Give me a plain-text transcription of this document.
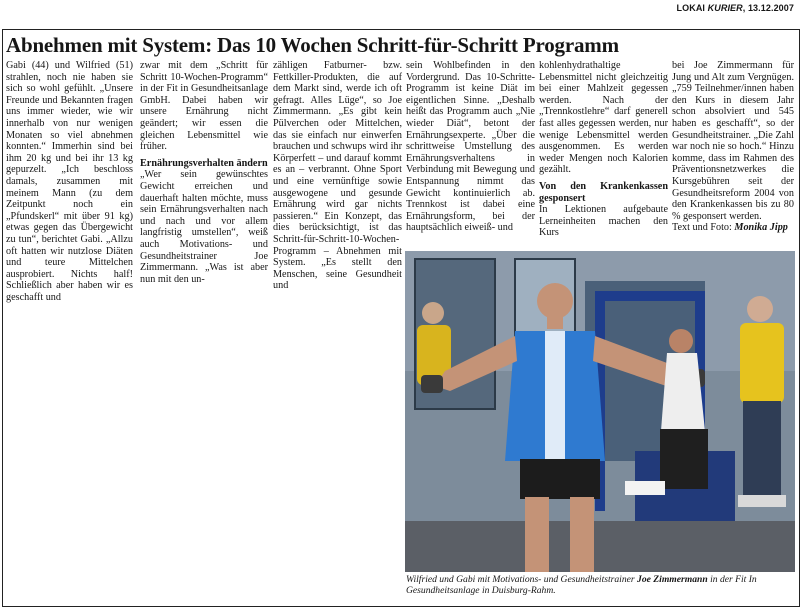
LOKAI KURIER, 13.12.2007
Abnehmen mit System: Das 10 Wochen Schritt-für-Schritt Programm

Gabi (44) und Wilfried (51) strahlen, noch nie haben sie sich so wohl gefühlt. „Unsere Freunde und Bekannten fragen uns immer wieder, wie wir innerhalb von nur wenigen Monaten so viel abnehmen konnten.“ Immerhin sind bei ihm 20 kg und bei ihr 13 kg gepurzelt. „Ich beschloss damals, zusammen mit meinem Mann (zu dem Zeitpunkt noch ein „Pfundskerl“ mit über 91 kg) etwas gegen das Übergewicht zu tun“, berichtet Gabi. „Allzu oft hatten wir nutzlose Diäten und teure Mittelchen ausprobiert. Nichts half! Schließlich aber haben wir es geschafft und

zwar mit dem „Schritt für Schritt 10-Wochen-Programm“ in der Fit in Gesundheitsanlage GmbH. Dabei haben wir unsere Ernährung nicht geändert; wir essen die gleichen Lebensmittel wie früher.

Ernährungsverhalten ändern

„Wer sein gewünschtes Gewicht erreichen und dauerhaft halten möchte, muss sein Ernährungsverhalten nach und nach und vor allem langfristig umstellen“, weiß auch Motivations- und Gesundheitstrainer Joe Zimmermann. „Was ist aber nun mit den un-

zähligen Fatburner- bzw. Fettkiller-Produkten, die auf dem Markt sind, werde ich oft gefragt. Alles Lüge“, so Joe Zimmermann. „Es gibt kein Pülverchen oder Mittelchen, das sie einfach nur einwerfen brauchen und schwups wird ihr Körperfett – und darauf kommt es an – verbrannt. Ohne Sport und eine vernünftige sowie ausgewogene und gesunde Ernährung wird gar nichts passieren.“ Ein Konzept, das dies berücksichtigt, ist das Schritt-für-Schritt-10-Wochen-Programm – Abnehmen mit System. „Es stellt den Menschen, seine Gesundheit und

sein Wohlbefinden in den Vordergrund. Das 10-Schritte-Programm ist keine Diät im eigentlichen Sinne. „Deshalb heißt das Programm auch „Nie wieder Diät“, betont der Ernährungsexperte. „Über die schrittweise Umstellung des Ernährungsverhaltens in Verbindung mit Bewegung und Entspannung nimmt das Gewicht kontinuierlich ab. Trennkost ist dabei eine Ernährungsform, bei der hauptsächlich eiweiß- und

kohlenhydrathaltige Lebensmittel nicht gleichzeitig bei einer Mahlzeit gegessen werden. Nach der „Trennkostlehre“ darf generell fast alles gegessen werden, nur wenige Lebensmittel werden ausgenommen. Es werden weder Mengen noch Kalorien gezählt.

Von den Krankenkassen gesponsert

In Lektionen aufgebaute Lerneinheiten machen den Kurs

bei Joe Zimmermann für Jung und Alt zum Vergnügen. „759 Teilnehmer/innen haben den Kurs in diesem Jahr schon absolviert und 545 haben es geschafft“, so der Gesundheitstrainer. „Die Zahl war noch nie so hoch.“ Hinzu komme, dass im Rahmen des Präventionsnetzwerkes die Kursgebühren seit der Gesundheitsreform 2004 von den Krankenkassen bis zu 80 % gesponsert werden.

Text und Foto: Monika Jipp

Wilfried und Gabi mit Motivations- und Gesundheitstrainer Joe Zimmermann in der Fit In Gesundheitsanlage in Duisburg-Rahm.
